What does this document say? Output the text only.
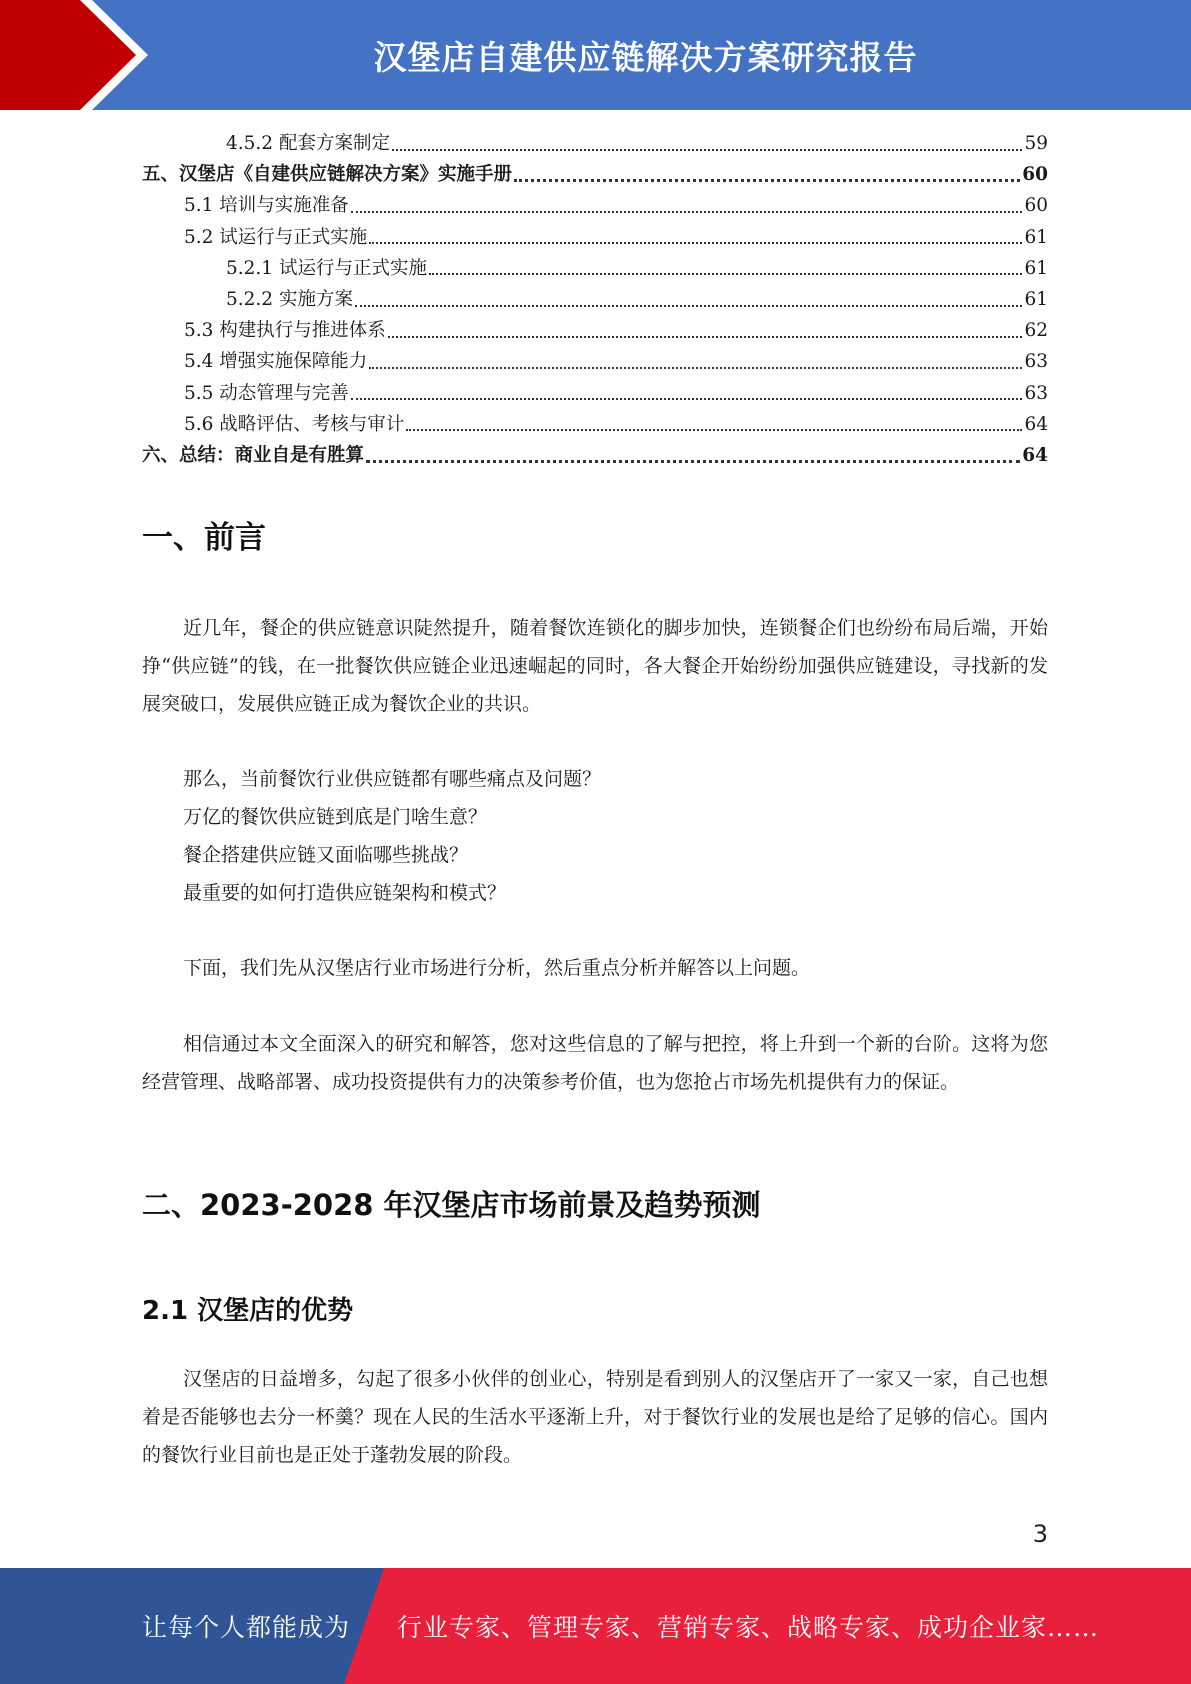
汉堡店自建供应链解决方案研究报告
4.5.2 配套方案制定	59
五、汉堡店《自建供应链解决方案》实施手册	60
5.1 培训与实施准备	60
5.2 试运行与正式实施	61
5.2.1 试运行与正式实施	61
5.2.2 实施方案	61
5.3 构建执行与推进体系	62
5.4 增强实施保障能力	63
5.5 动态管理与完善	63
5.6 战略评估、考核与审计	64
六、总结：商业自是有胜算	64
一、前言
近几年，餐企的供应链意识陡然提升，随着餐饮连锁化的脚步加快，连锁餐企们也纷纷布局后端，开始挣“供应链”的钱，在一批餐饮供应链企业迅速崛起的同时，各大餐企开始纷纷加强供应链建设，寻找新的发展突破口，发展供应链正成为餐饮企业的共识。
那么，当前餐饮行业供应链都有哪些痛点及问题？
万亿的餐饮供应链到底是门啥生意？
餐企搭建供应链又面临哪些挑战？
最重要的如何打造供应链架构和模式？
下面，我们先从汉堡店行业市场进行分析，然后重点分析并解答以上问题。
相信通过本文全面深入的研究和解答，您对这些信息的了解与把控，将上升到一个新的台阶。这将为您经营管理、战略部署、成功投资提供有力的决策参考价值，也为您抢占市场先机提供有力的保证。
二、2023-2028 年汉堡店市场前景及趋势预测
2.1 汉堡店的优势
汉堡店的日益增多，勾起了很多小伙伴的创业心，特别是看到别人的汉堡店开了一家又一家，自己也想着是否能够也去分一杯羹？现在人民的生活水平逐渐上升，对于餐饮行业的发展也是给了足够的信心。国内的餐饮行业目前也是正处于蓬勃发展的阶段。
3
让每个人都能成为 行业专家、管理专家、营销专家、战略专家、成功企业家……
